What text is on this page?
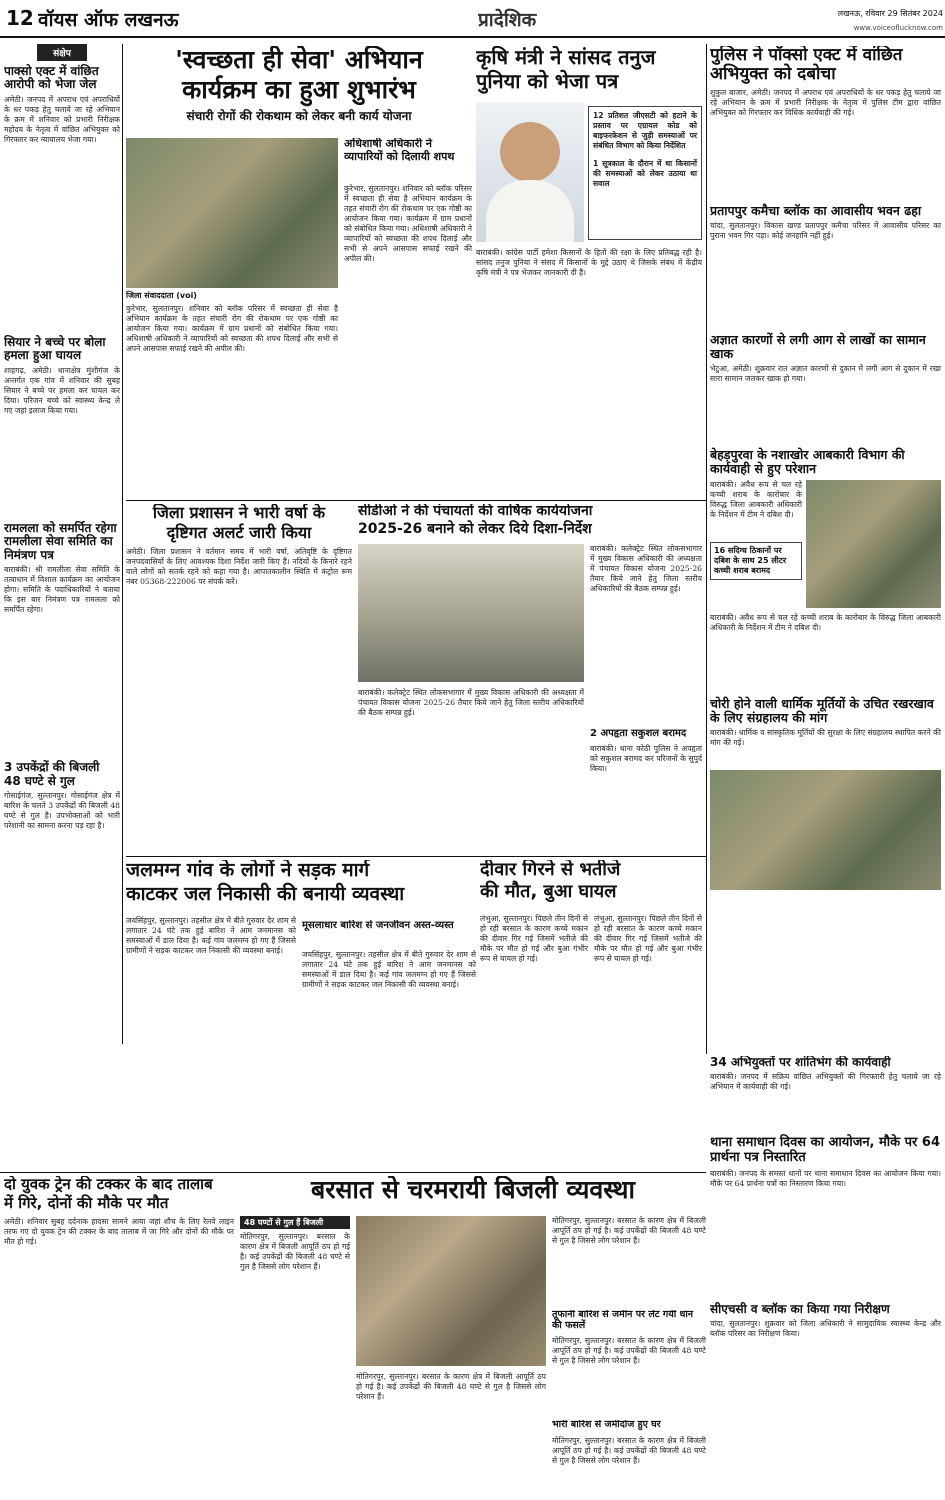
12 वॉयस ऑफ लखनऊ	प्रादेशिक	लखनऊ, रविवार 29 सितंबर 2024
www.voiceoflucknow.com
संक्षेप
पाक्सो एक्ट में वांछित आरोपी को भेजा जेल
अमेठी। जनपद में अपराध एवं अपराधियों के धर पकड़ हेतु चलाये जा रहे अभियान के क्रम में शनिवार को प्रभारी निरीक्षक महोदय के नेतृत्व में वांछित अभियुक्त को गिरफ्तार कर न्यायालय भेजा गया।
सियार ने बच्चे पर बोला हमला हुआ घायल
शाहगढ़, अमेठी। थानाक्षेत्र मुंशीगंज के अन्तर्गत एक गांव में शनिवार की सुबह सियार ने बच्चे पर हमला कर घायल कर दिया। परिजन बच्चे को स्वास्थ्य केन्द्र ले गए जहां इलाज किया गया।
रामलला को समर्पित रहेगा रामलीला सेवा समिति का निमंत्रण पत्र
बाराबंकी। श्री रामलीला सेवा समिति के तत्वाधान में विशाल कार्यक्रम का आयोजन होगा। समिति के पदाधिकारियों ने बताया कि इस बार निमंत्रण पत्र रामलला को समर्पित रहेगा।
3 उपकेंद्रों की बिजली 48 घण्टे से गुल
गोसाईगंज, सुल्तानपुर। गोसाईगंज क्षेत्र में बारिश के चलते 3 उपकेंद्रों की बिजली 48 घण्टे से गुल है। उपभोक्ताओं को भारी परेशानी का सामना करना पड़ रहा है।
'स्वच्छता ही सेवा' अभियान
कार्यक्रम का हुआ शुभारंभ
संचारी रोगों की रोकथाम को लेकर बनी कार्य योजना
जिला संवाददाता (voi)
अधिशाषी अधिकारी ने व्यापारियों को दिलायी शपथ
कुरेभार, सुलतानपुर। शनिवार को ब्लॉक परिसर में स्वच्छता ही सेवा है अभियान कार्यक्रम के तहत संचारी रोग की रोकथाम पर एक गोष्ठी का आयोजन किया गया। कार्यक्रम में ग्राम प्रधानों को संबोधित किया गया। अधिशाषी अधिकारी ने व्यापारियों को स्वच्छता की शपथ दिलाई और सभी से अपने आसपास सफाई रखने की अपील की।
कुरेभार, सुलतानपुर। शनिवार को ब्लॉक परिसर में स्वच्छता ही सेवा है अभियान कार्यक्रम के तहत संचारी रोग की रोकथाम पर एक गोष्ठी का आयोजन किया गया। कार्यक्रम में ग्राम प्रधानों को संबोधित किया गया। अधिशाषी अधिकारी ने व्यापारियों को स्वच्छता की शपथ दिलाई और सभी से अपने आसपास सफाई रखने की अपील की।
कृषि मंत्री ने सांसद तनुज
पुनिया को भेजा पत्र
12 प्रतिशत जीएसटी को हटाने के प्रस्ताव पर एग्रायल कोड को बाइफरकेशन से जुड़ी समस्याओं पर संबंधित विभाग को किया निर्देशित
1 सूत्रकाल के दौरान में था किसानों की समस्याओं को लेकर उठाया था सवाल
बाराबंकी। कांग्रेस पार्टी हमेशा किसानों के हितों की रक्षा के लिए प्रतिबद्ध रही है। सांसद तनुज पुनिया ने संसद में किसानों के मुद्दे उठाए थे जिसके संबंध में केंद्रीय कृषि मंत्री ने पत्र भेजकर जानकारी दी है।
पुलिस ने पॉक्सो एक्ट में वांछित अभियुक्त को दबोचा
शुकुल बाजार, अमेठी। जनपद में अपराध एवं अपराधियों के धर पकड़ हेतु चलाये जा रहे अभियान के क्रम में प्रभारी निरीक्षक के नेतृत्व में पुलिस टीम द्वारा वांछित अभियुक्त को गिरफ्तार कर विधिक कार्यवाही की गई।
प्रतापपुर कमैचा ब्लॉक का आवासीय भवन ढहा
चांदा, सुलतानपुर। विकास खण्ड प्रतापपुर कमैचा परिसर में आवासीय परिसर का पुराना भवन गिर पड़ा। कोई जनहानि नहीं हुई।
अज्ञात कारणों से लगी आग से लाखों का सामान खाक
भेटुआ, अमेठी। शुक्रवार रात अज्ञात कारणों से दुकान में लगी आग से दुकान में रखा सारा सामान जलकर खाक हो गया।
बेहड़पुरवा के नशाखोर आबकारी विभाग की कार्यवाही से हुए परेशान
बाराबंकी। अवैध रूप से चल रहे कच्ची शराब के कारोबार के विरुद्ध जिला आबकारी अधिकारी के निर्देशन में टीम ने दबिश दी।
16 सदिग्ध ठिकानों पर दबिश के साथ 25 लीटर कच्ची शराब बरामद
बाराबंकी। अवैध रूप से चल रहे कच्ची शराब के कारोबार के विरुद्ध जिला आबकारी अधिकारी के निर्देशन में टीम ने दबिश दी।
चोरी होने वाली धार्मिक मूर्तियों के उचित रखरखाव के लिए संग्रहालय की मांग
बाराबंकी। धार्मिक व सांस्कृतिक मूर्तियों की सुरक्षा के लिए संग्रहालय स्थापित करने की मांग की गई।
जिला प्रशासन ने भारी वर्षा के
दृष्टिगत अलर्ट जारी किया
अमेठी। जिला प्रशासन ने वर्तमान समय में भारी वर्षा, अतिवृष्टि के दृष्टिगत जनपदवासियों के लिए आवश्यक दिशा निर्देश जारी किए हैं। नदियों के किनारे रहने वाले लोगों को सतर्क रहने को कहा गया है। आपातकालीन स्थिति में कंट्रोल रूम नंबर 05368-222006 पर संपर्क करें।
सीडीओ ने की पंचायतों की वार्षिक कार्ययोजना
2025-26 बनाने को लेकर दिये दिशा-निर्देश
बाराबंकी। कलेक्ट्रेट स्थित लोकसभागार में मुख्य विकास अधिकारी की अध्यक्षता में पंचायत विकास योजना 2025-26 तैयार किये जाने हेतु जिला स्तरीय अधिकारियों की बैठक सम्पन्न हुई।
बाराबंकी। कलेक्ट्रेट स्थित लोकसभागार में मुख्य विकास अधिकारी की अध्यक्षता में पंचायत विकास योजना 2025-26 तैयार किये जाने हेतु जिला स्तरीय अधिकारियों की बैठक सम्पन्न हुई।
2 अपहृता सकुशल बरामद
बाराबंकी। थाना कोठी पुलिस ने अपहृता को सकुशल बरामद कर परिजनों के सुपुर्द किया।
जलमग्न गांव के लोगों ने सड़क मार्ग
काटकर जल निकासी की बनायी व्यवस्था
जयसिंहपुर, सुल्तानपुर। तहसील क्षेत्र में बीते गुरुवार देर शाम से लगातार 24 घंटे तक हुई बारिश ने आम जनमानस को समस्याओं में डाल दिया है। कई गांव जलमग्न हो गए हैं जिससे ग्रामीणों ने सड़क काटकर जल निकासी की व्यवस्था बनाई।
मूसलाधार बारिश से जनजीवन अस्त-व्यस्त
जयसिंहपुर, सुल्तानपुर। तहसील क्षेत्र में बीते गुरुवार देर शाम से लगातार 24 घंटे तक हुई बारिश ने आम जनमानस को समस्याओं में डाल दिया है। कई गांव जलमग्न हो गए हैं जिससे ग्रामीणों ने सड़क काटकर जल निकासी की व्यवस्था बनाई।
दीवार गिरने से भतीजे
की मौत, बुआ घायल
लंभुआ, सुल्तानपुर। पिछले तीन दिनों से हो रही बरसात के कारण कच्चे मकान की दीवार गिर गई जिसमें भतीजे की मौके पर मौत हो गई और बुआ गंभीर रूप से घायल हो गई।
लंभुआ, सुल्तानपुर। पिछले तीन दिनों से हो रही बरसात के कारण कच्चे मकान की दीवार गिर गई जिसमें भतीजे की मौके पर मौत हो गई और बुआ गंभीर रूप से घायल हो गई।
34 अभियुक्तों पर शांतिभंग की कार्यवाही
बाराबंकी। जनपद में सक्रिय वांछित अभियुक्तों की गिरफ्तारी हेतु चलाये जा रहे अभियान में कार्यवाही की गई।
थाना समाधान दिवस का आयोजन, मौके पर 64 प्रार्थना पत्र निस्तारित
बाराबंकी। जनपद के समस्त थानों पर थाना समाधान दिवस का आयोजन किया गया। मौके पर 64 प्रार्थना पत्रों का निस्तारण किया गया।
सीएचसी व ब्लॉक का किया गया निरीक्षण
चांदा, सुलतानपुर। शुक्रवार को जिला अधिकारी ने सामुदायिक स्वास्थ्य केन्द्र और ब्लॉक परिसर का निरीक्षण किया।
दो युवक ट्रेन की टक्कर के बाद तालाब
में गिरे, दोनों की मौके पर मौत
अमेठी। शनिवार सुबह दर्दनाक हादसा सामने आया जहां शौच के लिए रेलवे लाइन तरफ गए दो युवक ट्रेन की टक्कर के बाद तालाब में जा गिरे और दोनों की मौके पर मौत हो गई।
बरसात से चरमरायी बिजली व्यवस्था
48 घण्टों से गुल हैं बिजली
मोतिगरपुर, सुल्तानपुर। बरसात के कारण क्षेत्र में बिजली आपूर्ति ठप हो गई है। कई उपकेंद्रों की बिजली 48 घण्टे से गुल है जिससे लोग परेशान हैं।
मोतिगरपुर, सुल्तानपुर। बरसात के कारण क्षेत्र में बिजली आपूर्ति ठप हो गई है। कई उपकेंद्रों की बिजली 48 घण्टे से गुल है जिससे लोग परेशान हैं।
मोतिगरपुर, सुल्तानपुर। बरसात के कारण क्षेत्र में बिजली आपूर्ति ठप हो गई है। कई उपकेंद्रों की बिजली 48 घण्टे से गुल है जिससे लोग परेशान हैं।
तूफानी बारिश से जमीन पर लेट गयी धान की फसलें
मोतिगरपुर, सुल्तानपुर। बरसात के कारण क्षेत्र में बिजली आपूर्ति ठप हो गई है। कई उपकेंद्रों की बिजली 48 घण्टे से गुल है जिससे लोग परेशान हैं।
भारी बारिश से जमींदोज हुए घर
मोतिगरपुर, सुल्तानपुर। बरसात के कारण क्षेत्र में बिजली आपूर्ति ठप हो गई है। कई उपकेंद्रों की बिजली 48 घण्टे से गुल है जिससे लोग परेशान हैं।
